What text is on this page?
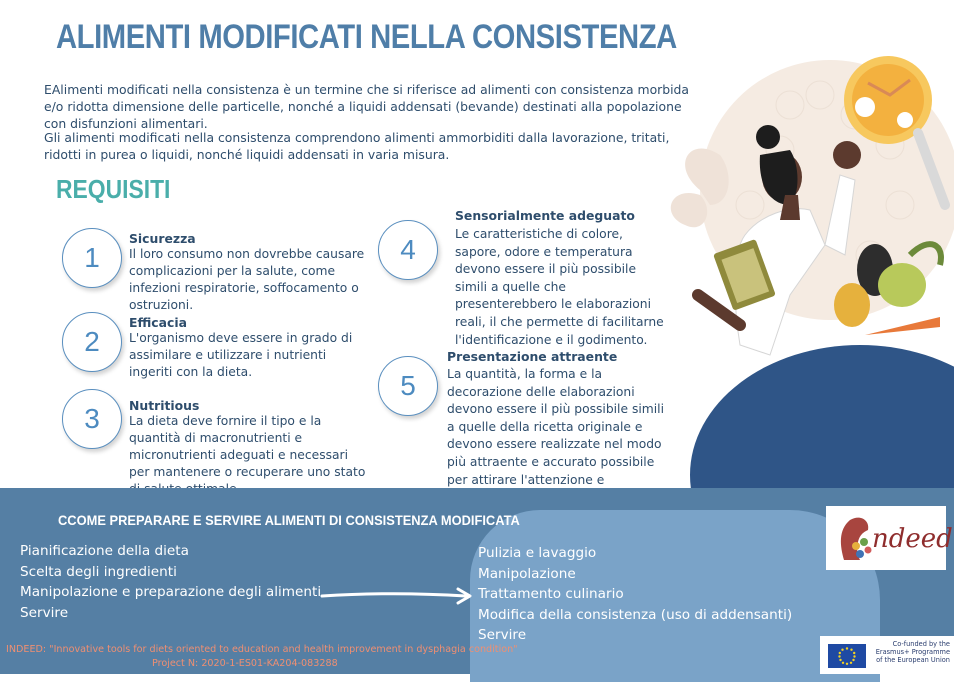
ALIMENTI MODIFICATI NELLA CONSISTENZA
EAlimenti modificati nella consistenza è un termine che si riferisce ad alimenti con consistenza morbida e/o ridotta dimensione delle particelle, nonché a liquidi addensati (bevande) destinati alla popolazione con disfunzioni alimentari.
Gli alimenti modificati nella consistenza comprendono alimenti ammorbiditi dalla lavorazione, tritati, ridotti in purea o liquidi, nonché liquidi addensati in varia misura.
REQUISITI
1
Sicurezza
Il loro consumo non dovrebbe causare complicazioni per la salute, come infezioni respiratorie, soffocamento o ostruzioni.
2
Efficacia
L'organismo deve essere in grado di assimilare e utilizzare i nutrienti ingeriti con la dieta.
3	Nutritious
La dieta deve fornire il tipo e la quantità di macronutrienti e micronutrienti adeguati e necessari per mantenere o recuperare uno stato
4
Sensorialmente adeguato
Le caratteristiche di colore, sapore, odore e temperatura devono essere il più possibile simili a quelle che presenterebbero le elaborazioni reali, il che permette di facilitarne l'identificazione e il godimento.
5
Presentazione attraente
La quantità, la forma e la decorazione delle elaborazioni devono essere il più possibile simili a quelle della ricetta originale e devono essere realizzate nel modo più attraente e accurato possibile per attirare l'attenzione e
CCOME PREPARARE E SERVIRE ALIMENTI DI CONSISTENZA MODIFICATA
Pianificazione della dieta
Scelta degli ingredienti
Manipolazione e preparazione degli alimenti
Servire
Pulizia e lavaggio
Manipolazione
Trattamento culinario
Modifica della consistenza (uso di addensanti)
Servire
ndeed
INDEED: "Innovative tools for diets oriented to education and health improvement in dysphagia condition"
Project N: 2020-1-ES01-KA204-083288
Co-funded by the Erasmus+ Programme of the European Union
